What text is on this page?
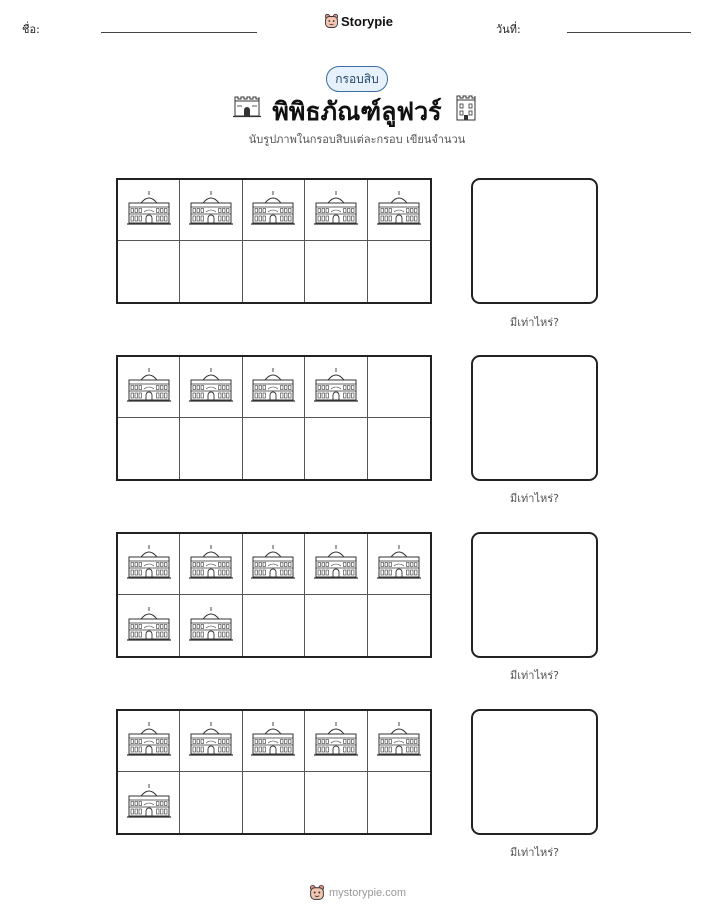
ชื่อ:
Storypie
วันที่:
กรอบสิบ
พิพิธภัณฑ์ลูฟวร์
นับรูปภาพในกรอบสิบแต่ละกรอบ เขียนจำนวน
มีเท่าไหร่?
มีเท่าไหร่?
มีเท่าไหร่?
มีเท่าไหร่?
mystorypie.com
